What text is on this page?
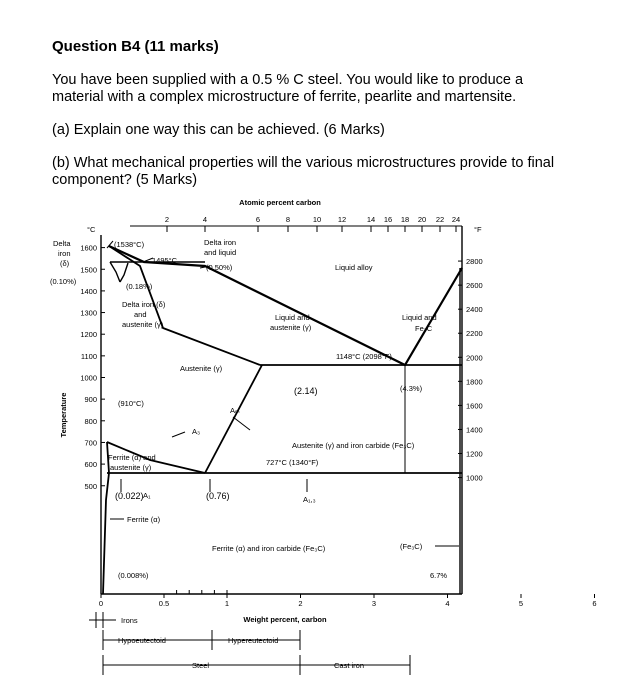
Question B4 (11 marks)
You have been supplied with a 0.5 % C steel. You would like to produce a
material with a complex microstructure of ferrite, pearlite and martensite.
(a) Explain one way this can be achieved. (6 Marks)
(b) What mechanical properties will the various microstructures provide to final
component? (5 Marks)
0	0.5	1	2	3	4	5	6
2	4	6	8	10 12	14 16 18 20 22 24
500
600
700
800
900
1000
1100
1200
1300
1400
1500
1600
1000
1200
1400
1600
1800
2000
2200
2400
2600
2800
Atomic percent carbon
Weight percent, carbon
Temperature
°C	°F
Delta
iron
(δ)
(0.10%)
(1538°C)
1495°C
(0.18%)
Delta iron
and liquid
(0.50%)	Liquid alloy
Delta iron (δ)
and
austenite (γ)
Liquid and
austenite (γ)
Liquid and
Fe₃C
1148°C (2098°F)
(2.14)	(4.3%)
Austenite (γ)
(910°C)
Aₘ
A₃
Austenite (γ) and iron carbide (Fe₃C)
727°C (1340°F)
Ferrite (α) and
austenite (γ)
A₁,₃
A₁
(0.022)	(0.76)
Ferrite (α)
Ferrite (α) and iron carbide (Fe₃C)	(Fe₃C)
6.7%
(0.008%)
Irons
Hypoeutectoid	Hypereutectoid
Steel	Cast iron
